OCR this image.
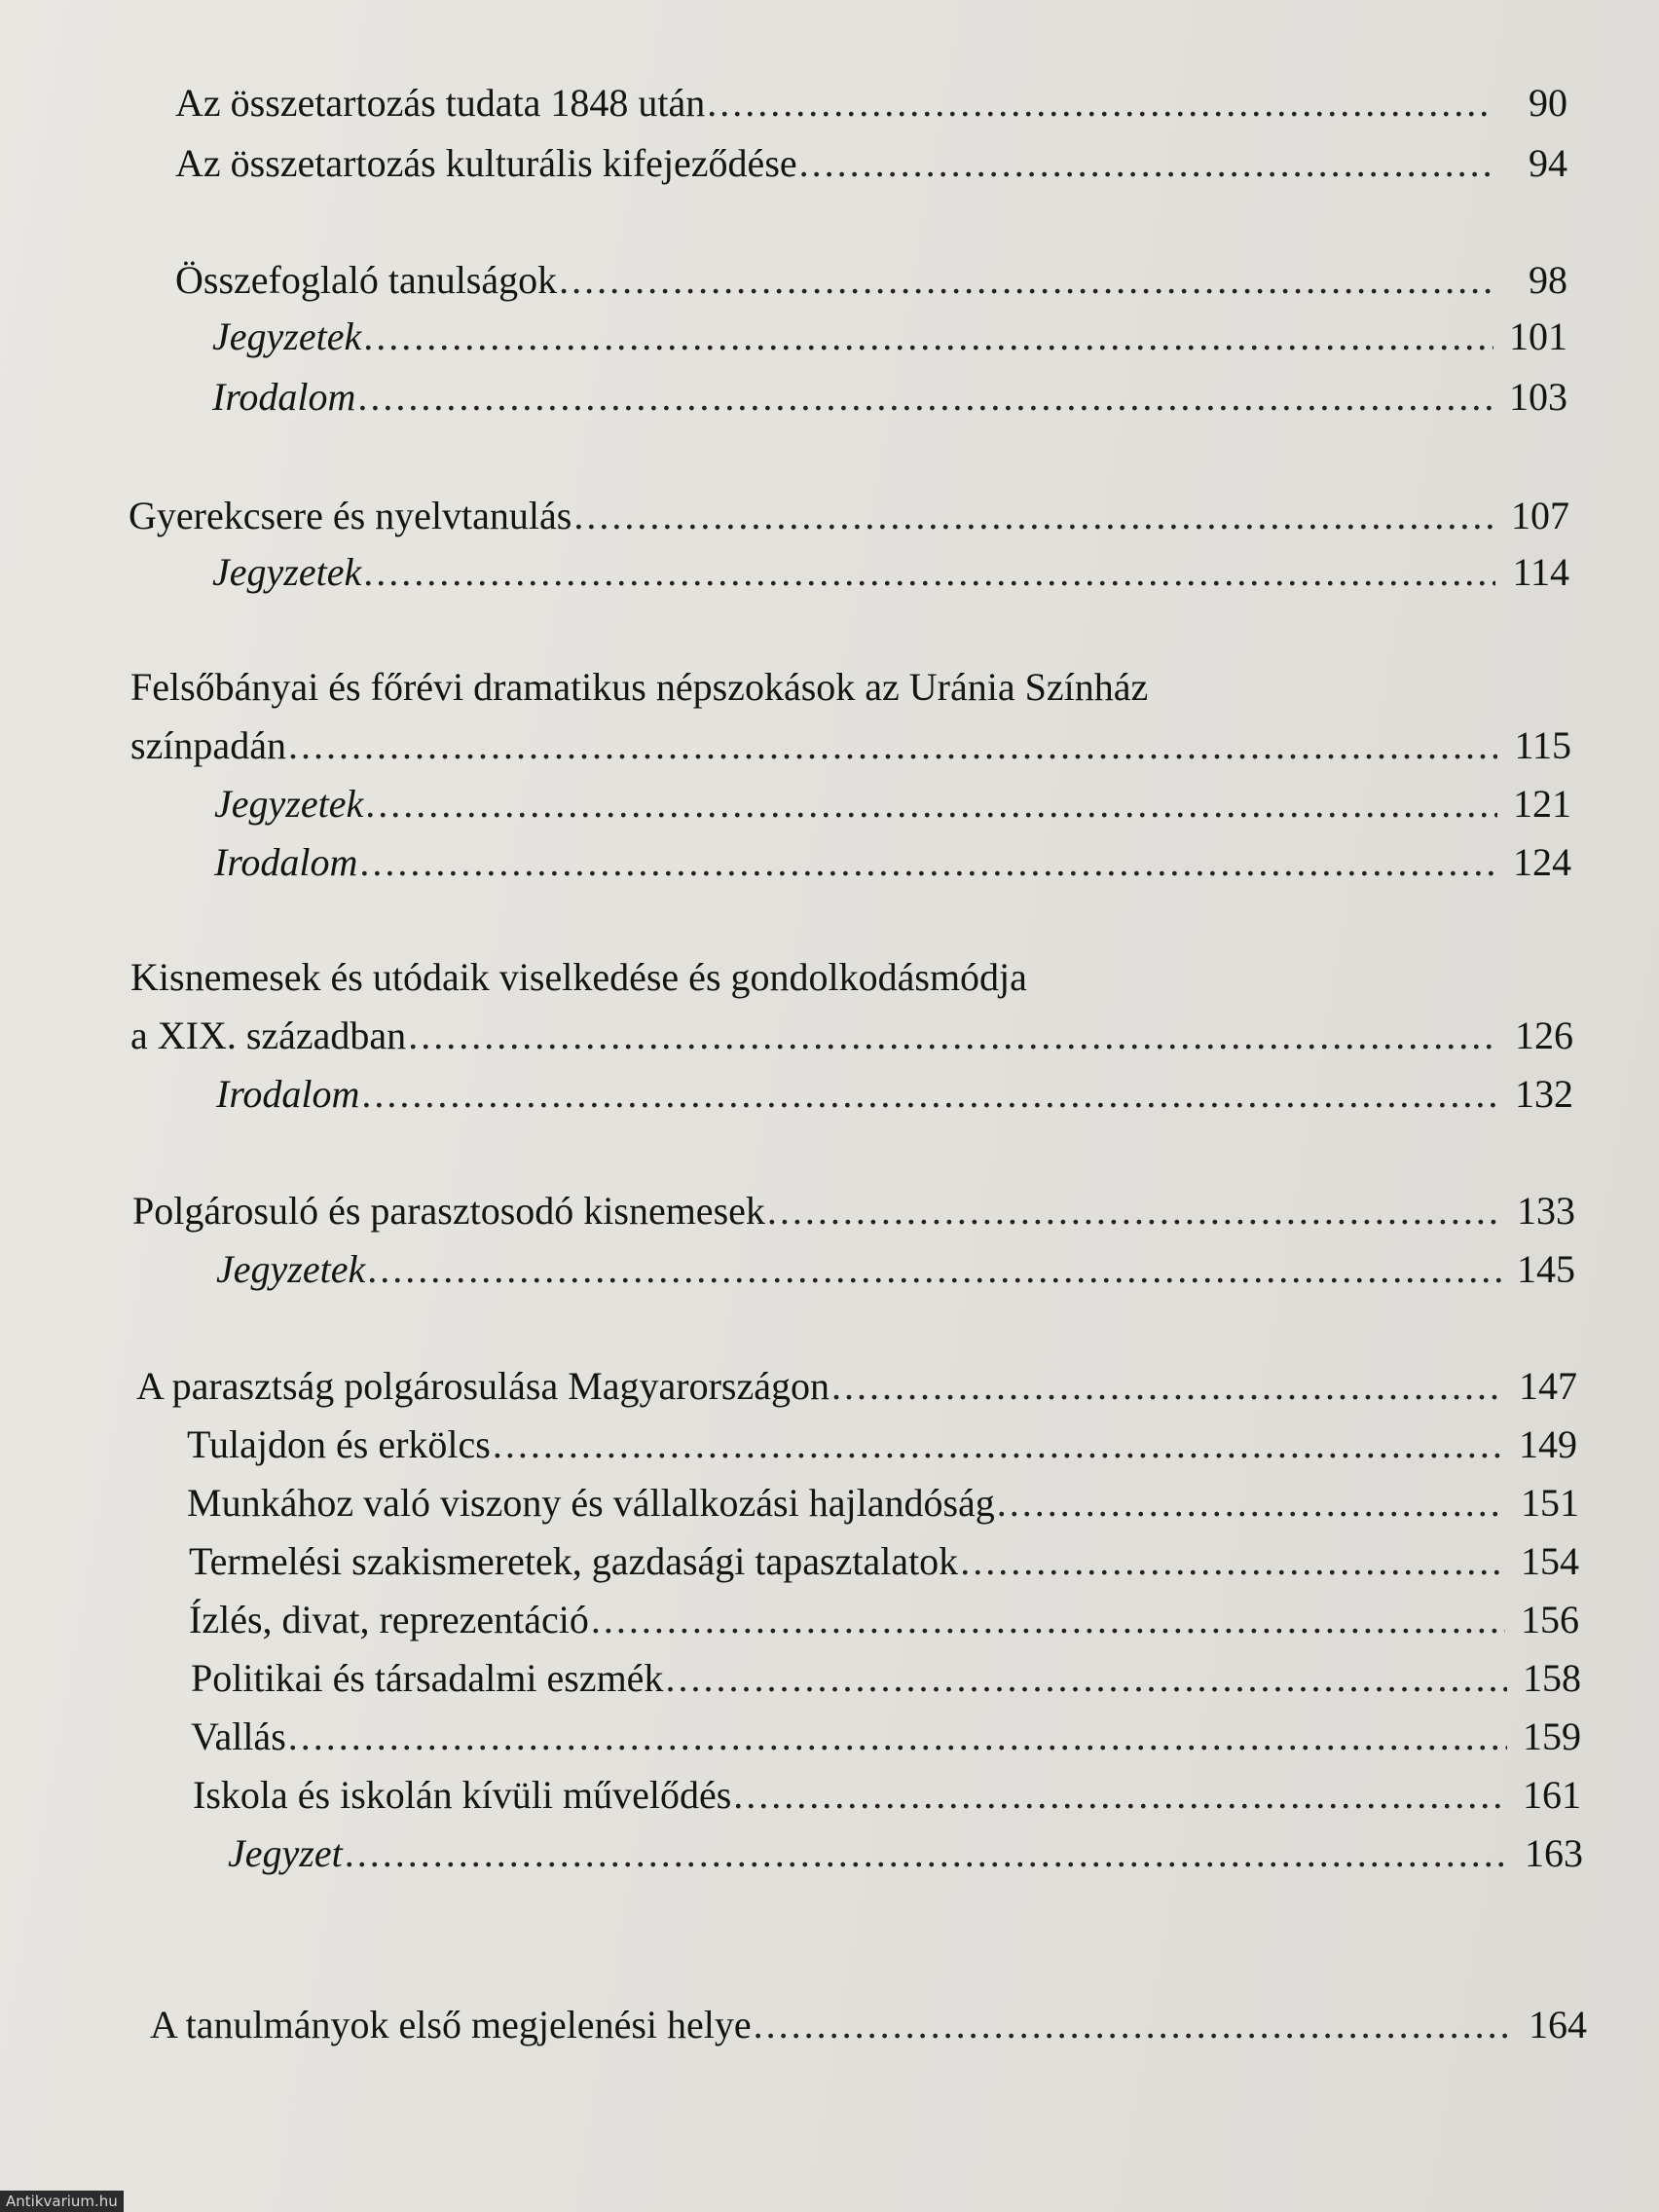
Az összetartozás tudata 1848 után .....	90
Az összetartozás kulturális kifejeződése .....	94
Összefoglaló tanulságok .....	98
Jegyzetek .....	101
Irodalom .....	103
Gyerekcsere és nyelvtanulás .....	107
Jegyzetek .....	114
Felsőbányai és főrévi dramatikus népszokások az Uránia Színház
színpadán .....	115
Jegyzetek .....	121
Irodalom .....	124
Kisnemesek és utódaik viselkedése és gondolkodásmódja
a XIX. században .....	126
Irodalom .....	132
Polgárosuló és parasztosodó kisnemesek .....	133
Jegyzetek .....	145
A parasztság polgárosulása Magyarországon .....	147
Tulajdon és erkölcs .....	149
Munkához való viszony és vállalkozási hajlandóság .....	151
Termelési szakismeretek, gazdasági tapasztalatok .....	154
Ízlés, divat, reprezentáció .....	156
Politikai és társadalmi eszmék .....	158
Vallás .....	159
Iskola és iskolán kívüli művelődés .....	161
Jegyzet .....	163
A tanulmányok első megjelenési helye .....	164
Antikvarium.hu
